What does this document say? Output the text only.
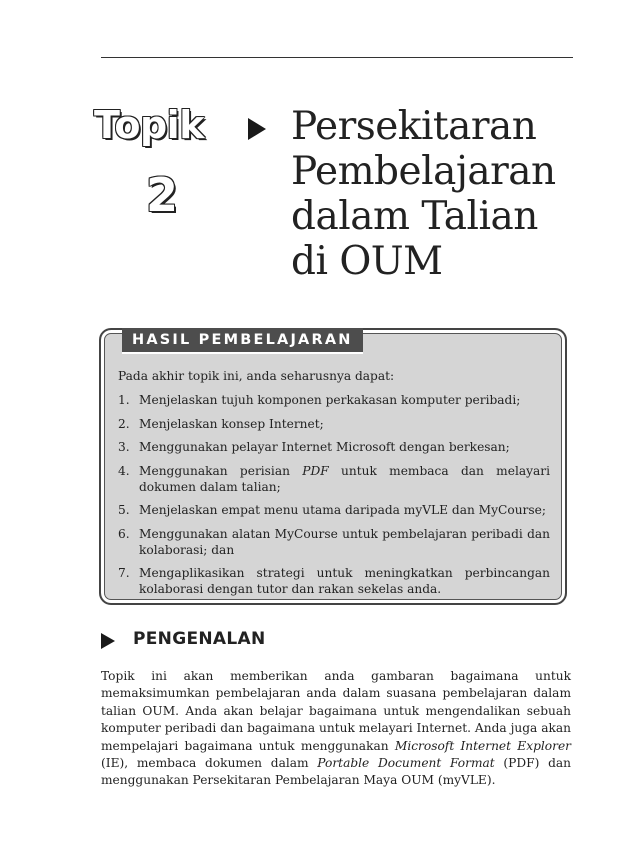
Topik
2
Persekitaran
Pembelajaran
dalam Talian
di OUM
HASIL PEMBELAJARAN
Pada akhir topik ini, anda seharusnya dapat:
1. Menjelaskan tujuh komponen perkakasan komputer peribadi;
2. Menjelaskan konsep Internet;
3. Menggunakan pelayar Internet Microsoft dengan berkesan;
4. Menggunakan perisian PDF untuk membaca dan melayari dokumen dalam talian;
5. Menjelaskan empat menu utama daripada myVLE dan MyCourse;
6. Menggunakan alatan MyCourse untuk pembelajaran peribadi dan kolaborasi; dan
7. Mengaplikasikan strategi untuk meningkatkan perbincangan kolaborasi dengan tutor dan rakan sekelas anda.
PENGENALAN

Topik ini akan memberikan anda gambaran bagaimana untuk memaksimumkan pembelajaran anda dalam suasana pembelajaran dalam talian OUM. Anda akan belajar bagaimana untuk mengendalikan sebuah komputer peribadi dan bagaimana untuk melayari Internet. Anda juga akan mempelajari bagaimana untuk menggunakan Microsoft Internet Explorer (IE), membaca dokumen dalam Portable Document Format (PDF) dan menggunakan Persekitaran Pembelajaran Maya OUM (myVLE).
